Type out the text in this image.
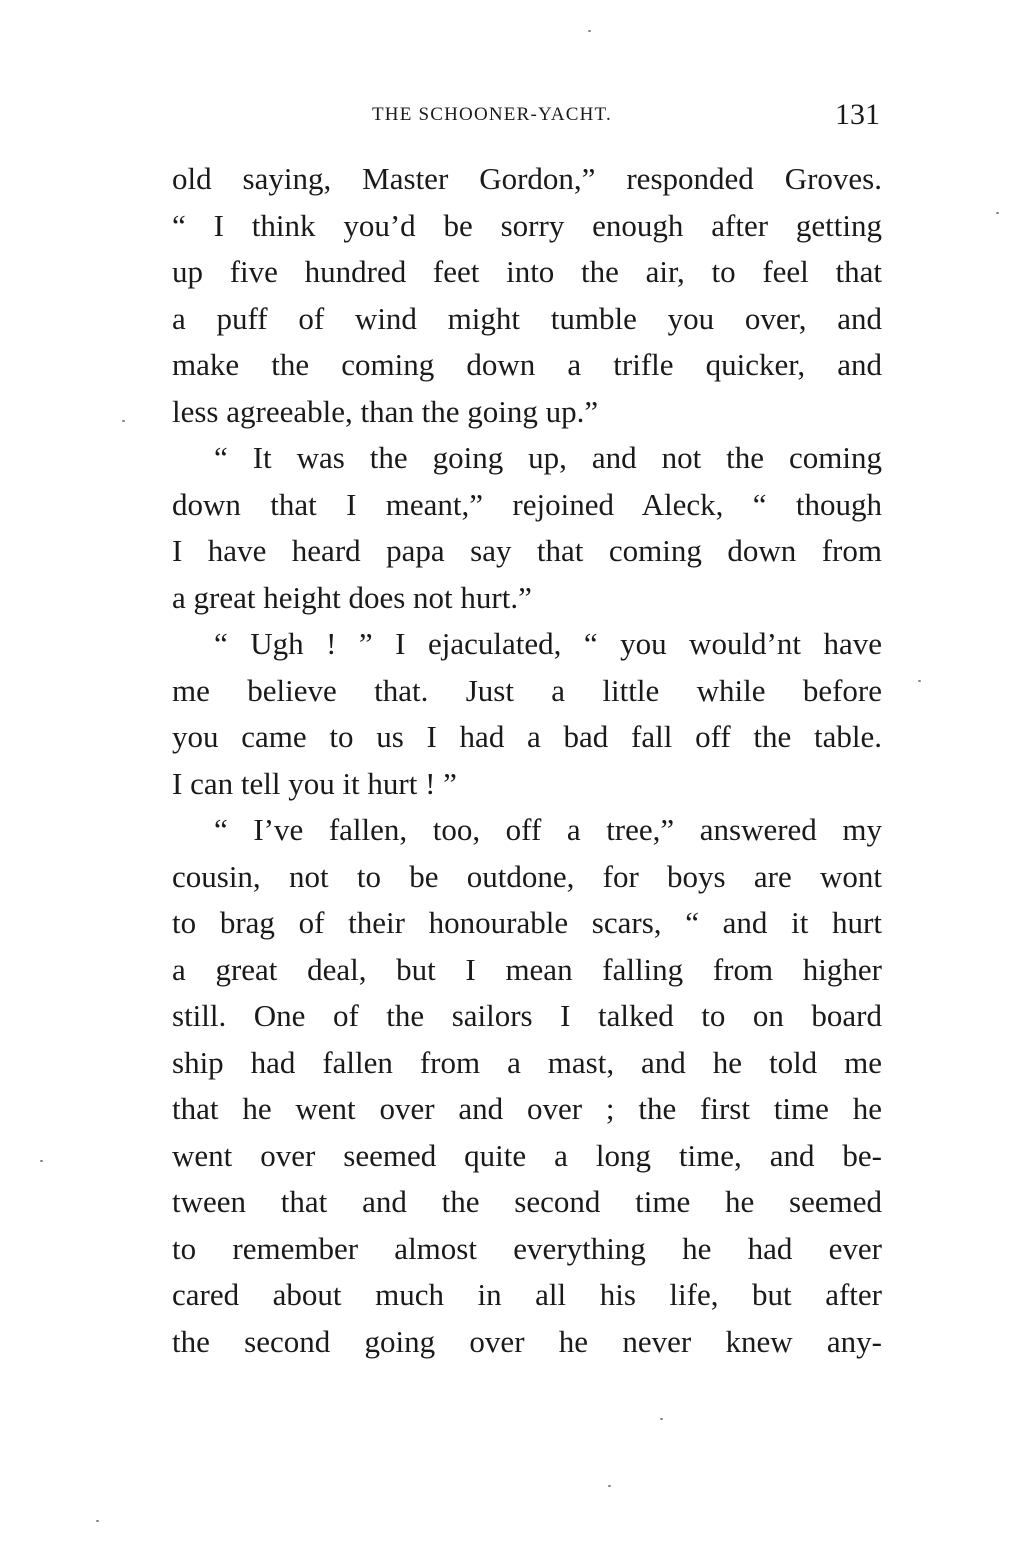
THE SCHOONER-YACHT.	131
old saying, Master Gordon,” responded Groves.
“ I think you’d be sorry enough after getting
up five hundred feet into the air, to feel that
a puff of wind might tumble you over, and
make the coming down a trifle quicker, and
less agreeable, than the going up.”
“ It was the going up, and not the coming
down that I meant,” rejoined Aleck, “ though
I have heard papa say that coming down from
a great height does not hurt.”
“ Ugh ! ” I ejaculated, “ you would’nt have
me believe that. Just a little while before
you came to us I had a bad fall off the table.
I can tell you it hurt ! ”
“ I’ve fallen, too, off a tree,” answered my
cousin, not to be outdone, for boys are wont
to brag of their honourable scars, “ and it hurt
a great deal, but I mean falling from higher
still. One of the sailors I talked to on board
ship had fallen from a mast, and he told me
that he went over and over ; the first time he
went over seemed quite a long time, and be-
tween that and the second time he seemed
to remember almost everything he had ever
cared about much in all his life, but after
the second going over he never knew any-
